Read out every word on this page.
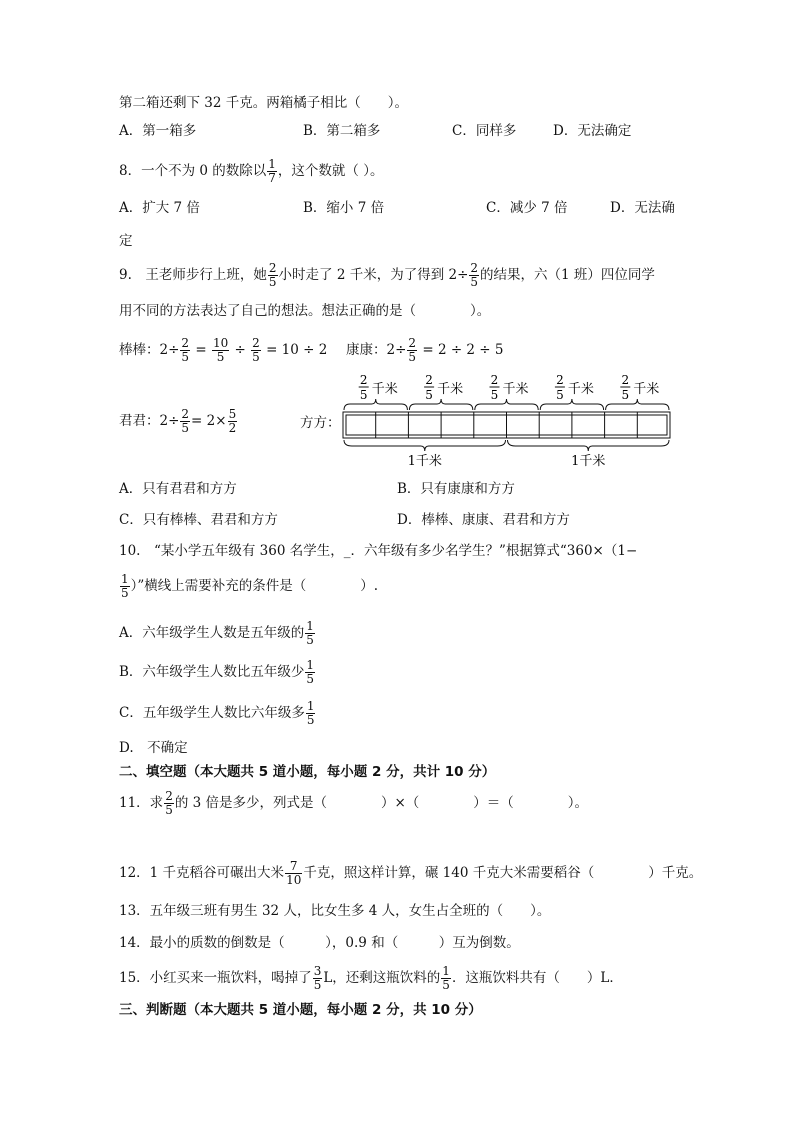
第二箱还剩下 32 千克。两箱橘子相比（　　）。
A．第一箱多	B．第二箱多	C．同样多	D．无法确定
8．一个不为 0 的数除以 $\frac{1}{7}$ ，这个数就（ ）。
A．扩大 7 倍	B．缩小 7 倍	C．减少 7 倍	D．无法确
定
9.　王老师步行上班，她 $\frac{2}{5}$ 小时走了 2 千米，为了得到 $2\div \frac{2}{5}$ 的结果，六（1 班）四位同学
用不同的方法表达了自己的想法。想法正确的是（　　　　）。
棒棒：$2\div \frac{2}{5} = \frac{10}{5} \div \frac{2}{5} = 10 \div 2$ 康康：$2\div \frac{2}{5} = 2 \div 2 \div 5$
君君：$2\div \frac{2}{5} = 2\times \frac{5}{2}$	方方：
2
5 千米
2
5 千米
2
5 千米
2
5 千米
2
5 千米
1千米	1千米
A．只有君君和方方	B．只有康康和方方
C．只有棒棒、君君和方方	D．棒棒、康康、君君和方方
10.　“某小学五年级有 360 名学生，_．六年级有多少名学生？”根据算式“360×（1−
$\frac{1}{5}$ ）”横线上需要补充的条件是（　　　　）.
A．六年级学生人数是五年级的 $\frac{1}{5}$
B．六年级学生人数比五年级少 $\frac{1}{5}$
C．五年级学生人数比六年级多 $\frac{1}{5}$
D.　不确定
二、填空题（本大题共 5 道小题，每小题 2 分，共计 10 分）
11．求 $\frac{2}{5}$ 的 3 倍是多少，列式是（　　　　）×（　　　　）＝（　　　　）。
12．1 千克稻谷可碾出大米 $\frac{7}{10}$ 千克，照这样计算，碾 140 千克大米需要稻谷（　　　　）千克。
13．五年级三班有男生 32 人，比女生多 4 人，女生占全班的（　　）。
14．最小的质数的倒数是（　　　），0.9 和（　　　）互为倒数。
15．小红买来一瓶饮料，喝掉了 $\frac{3}{5}$ L，还剩这瓶饮料的 $\frac{1}{5}$ ．这瓶饮料共有（　　）L．
三、判断题（本大题共 5 道小题，每小题 2 分，共 10 分）
